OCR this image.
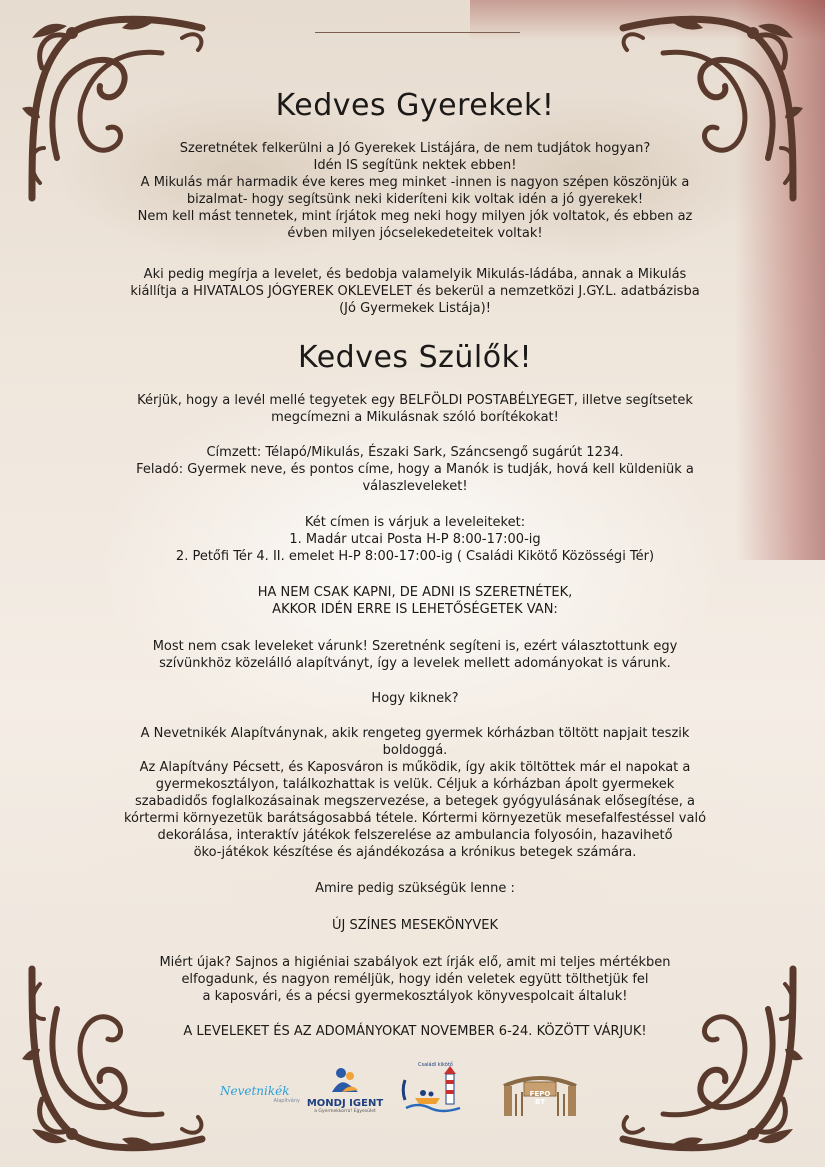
Kedves Gyerekek!

Szeretnétek felkerülni a Jó Gyerekek Listájára, de nem tudjátok hogyan?

Idén IS segítünk nektek ebben!

A Mikulás már harmadik éve keres meg minket -innen is nagyon szépen köszönjük a

bizalmat- hogy segítsünk neki kideríteni kik voltak idén a jó gyerekek!

Nem kell mást tennetek, mint írjátok meg neki hogy milyen jók voltatok, és ebben az

évben milyen jócselekedeteitek voltak!

Aki pedig megírja a levelet, és bedobja valamelyik Mikulás-ládába, annak a Mikulás

kiállítja a HIVATALOS JÓGYEREK OKLEVELET és bekerül a nemzetközi J.GY.L. adatbázisba

(Jó Gyermekek Listája)!

Kedves Szülők!

Kérjük, hogy a levél mellé tegyetek egy BELFÖLDI POSTABÉLYEGET, illetve segítsetek

megcímezni a Mikulásnak szóló borítékokat!

Címzett: Télapó/Mikulás, Északi Sark, Száncsengő sugárút 1234.

Feladó: Gyermek neve, és pontos címe, hogy a Manók is tudják, hová kell küldeniük a

válaszleveleket!

Két címen is várjuk a leveleiteket:

1. Madár utcai Posta H-P 8:00-17:00-ig

2. Petőfi Tér 4. II. emelet H-P 8:00-17:00-ig ( Családi Kikötő Közösségi Tér)

HA NEM CSAK KAPNI, DE ADNI IS SZERETNÉTEK,

AKKOR IDÉN ERRE IS LEHETŐSÉGETEK VAN:

Most nem csak leveleket várunk! Szeretnénk segíteni is, ezért választottunk egy

szívünkhöz közelálló alapítványt, így a levelek mellett adományokat is várunk.

Hogy kiknek?

A Nevetnikék Alapítványnak, akik rengeteg gyermek kórházban töltött napjait teszik

boldoggá.

Az Alapítvány Pécsett, és Kaposváron is működik, így akik töltöttek már el napokat a

gyermekosztályon, találkozhattak is velük. Céljuk a kórházban ápolt gyermekek

szabadidős foglalkozásainak megszervezése, a betegek gyógyulásának elősegítése, a

kórtermi környezetük barátságosabbá tétele. Kórtermi környezetük mesefalfestéssel való

dekorálása, interaktív játékok felszerelése az ambulancia folyosóin, hazavihető

öko-játékok készítése és ajándékozása a krónikus betegek számára.

Amire pedig szükségük lenne :

ÚJ SZÍNES MESEKÖNYVEK

Miért újak? Sajnos a higiéniai szabályok ezt írják elő, amit mi teljes mértékben

elfogadunk, és nagyon reméljük, hogy idén veletek együtt tölthetjük fel

a kaposvári, és a pécsi gyermekosztályok könyvespolcait általuk!

A LEVELEKET ÉS AZ ADOMÁNYOKAT NOVEMBER 6-24. KÖZÖTT VÁRJUK!

Nevetnikék
Alapítvány MONDJ IGENT
a Gyermekkorra! Egyesület
Családi kikötő
FEPO BT
